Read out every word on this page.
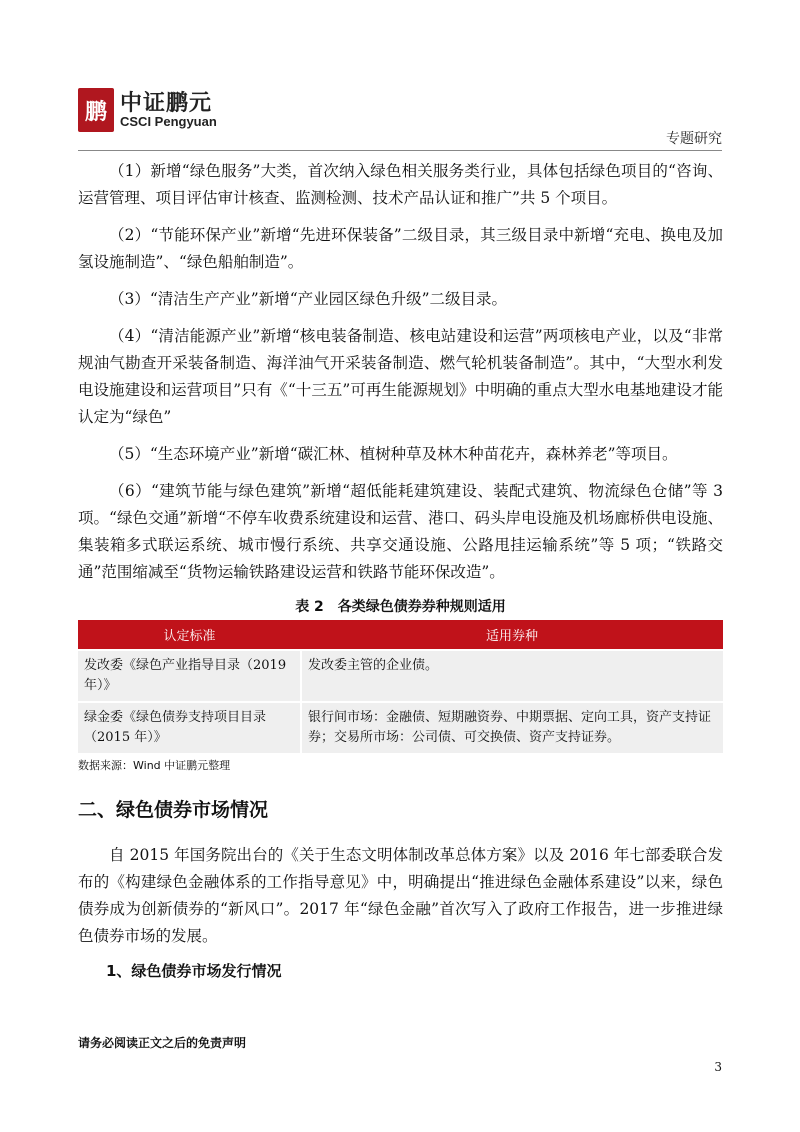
鹏 中证鹏元
CSCI Pengyuan
专题研究

（1）新增“绿色服务”大类，首次纳入绿色相关服务类行业，具体包括绿色项目的“咨询、运营管理、项目评估审计核查、监测检测、技术产品认证和推广”共 5 个项目。

（2）“节能环保产业”新增“先进环保装备”二级目录，其三级目录中新增“充电、换电及加氢设施制造”、“绿色船舶制造”。

（3）“清洁生产产业”新增“产业园区绿色升级”二级目录。

（4）“清洁能源产业”新增“核电装备制造、核电站建设和运营”两项核电产业，以及“非常规油气勘查开采装备制造、海洋油气开采装备制造、燃气轮机装备制造”。其中，“大型水利发电设施建设和运营项目”只有《“十三五”可再生能源规划》中明确的重点大型水电基地建设才能认定为“绿色”

（5）“生态环境产业”新增“碳汇林、植树种草及林木种苗花卉，森林养老”等项目。

（6）“建筑节能与绿色建筑”新增“超低能耗建筑建设、装配式建筑、物流绿色仓储”等 3 项。“绿色交通”新增“不停车收费系统建设和运营、港口、码头岸电设施及机场廊桥供电设施、集装箱多式联运系统、城市慢行系统、共享交通设施、公路甩挂运输系统”等 5 项；“铁路交通”范围缩减至“货物运输铁路建设运营和铁路节能环保改造”。

表 2　各类绿色债券券种规则适用
认定标准	适用券种
发改委《绿色产业指导目录（2019 年）》	发改委主管的企业债。
绿金委《绿色债券支持项目目录（2015 年）》	银行间市场：金融债、短期融资券、中期票据、定向工具，资产支持证券；交易所市场：公司债、可交换债、资产支持证券。
数据来源：Wind 中证鹏元整理
二、绿色债券市场情况

自 2015 年国务院出台的《关于生态文明体制改革总体方案》以及 2016 年七部委联合发布的《构建绿色金融体系的工作指导意见》中，明确提出“推进绿色金融体系建设”以来，绿色债券成为创新债券的“新风口”。2017 年“绿色金融”首次写入了政府工作报告，进一步推进绿色债券市场的发展。

1、绿色债券市场发行情况
请务必阅读正文之后的免责声明
3
